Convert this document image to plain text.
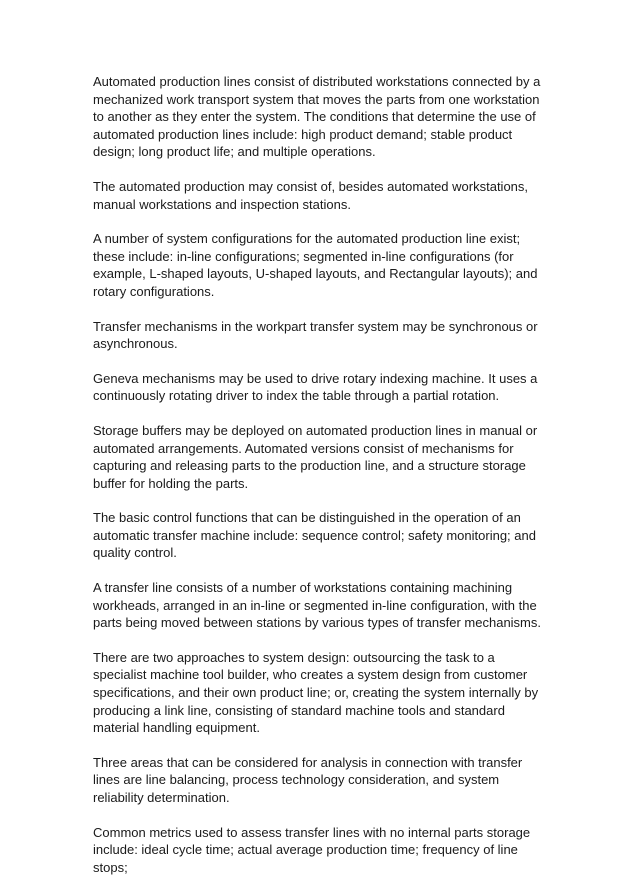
Automated production lines consist of distributed workstations connected by a mechanized work transport system that moves the parts from one workstation to another as they enter the system. The conditions that determine the use of automated production lines include: high product demand; stable product design; long product life; and multiple operations.

The automated production may consist of, besides automated workstations, manual workstations and inspection stations.

A number of system configurations for the automated production line exist; these include: in-line configurations; segmented in-line configurations (for example, L-shaped layouts, U-shaped layouts, and Rectangular layouts); and rotary configurations.

Transfer mechanisms in the workpart transfer system may be synchronous or asynchronous.

Geneva mechanisms may be used to drive rotary indexing machine. It uses a continuously rotating driver to index the table through a partial rotation.

Storage buffers may be deployed on automated production lines in manual or automated arrangements. Automated versions consist of mechanisms for capturing and releasing parts to the production line, and a structure storage buffer for holding the parts.

The basic control functions that can be distinguished in the operation of an automatic transfer machine include: sequence control; safety monitoring; and quality control.

A transfer line consists of a number of workstations containing machining workheads, arranged in an in-line or segmented in-line configuration, with the parts being moved between stations by various types of transfer mechanisms.

There are two approaches to system design: outsourcing the task to a specialist machine tool builder, who creates a system design from customer specifications, and their own product line; or, creating the system internally by producing a link line, consisting of standard machine tools and standard material handling equipment.

Three areas that can be considered for analysis in connection with transfer lines are line balancing, process technology consideration, and system reliability determination.

Common metrics used to assess transfer lines with no internal parts storage include: ideal cycle time; actual average production time; frequency of line stops;
